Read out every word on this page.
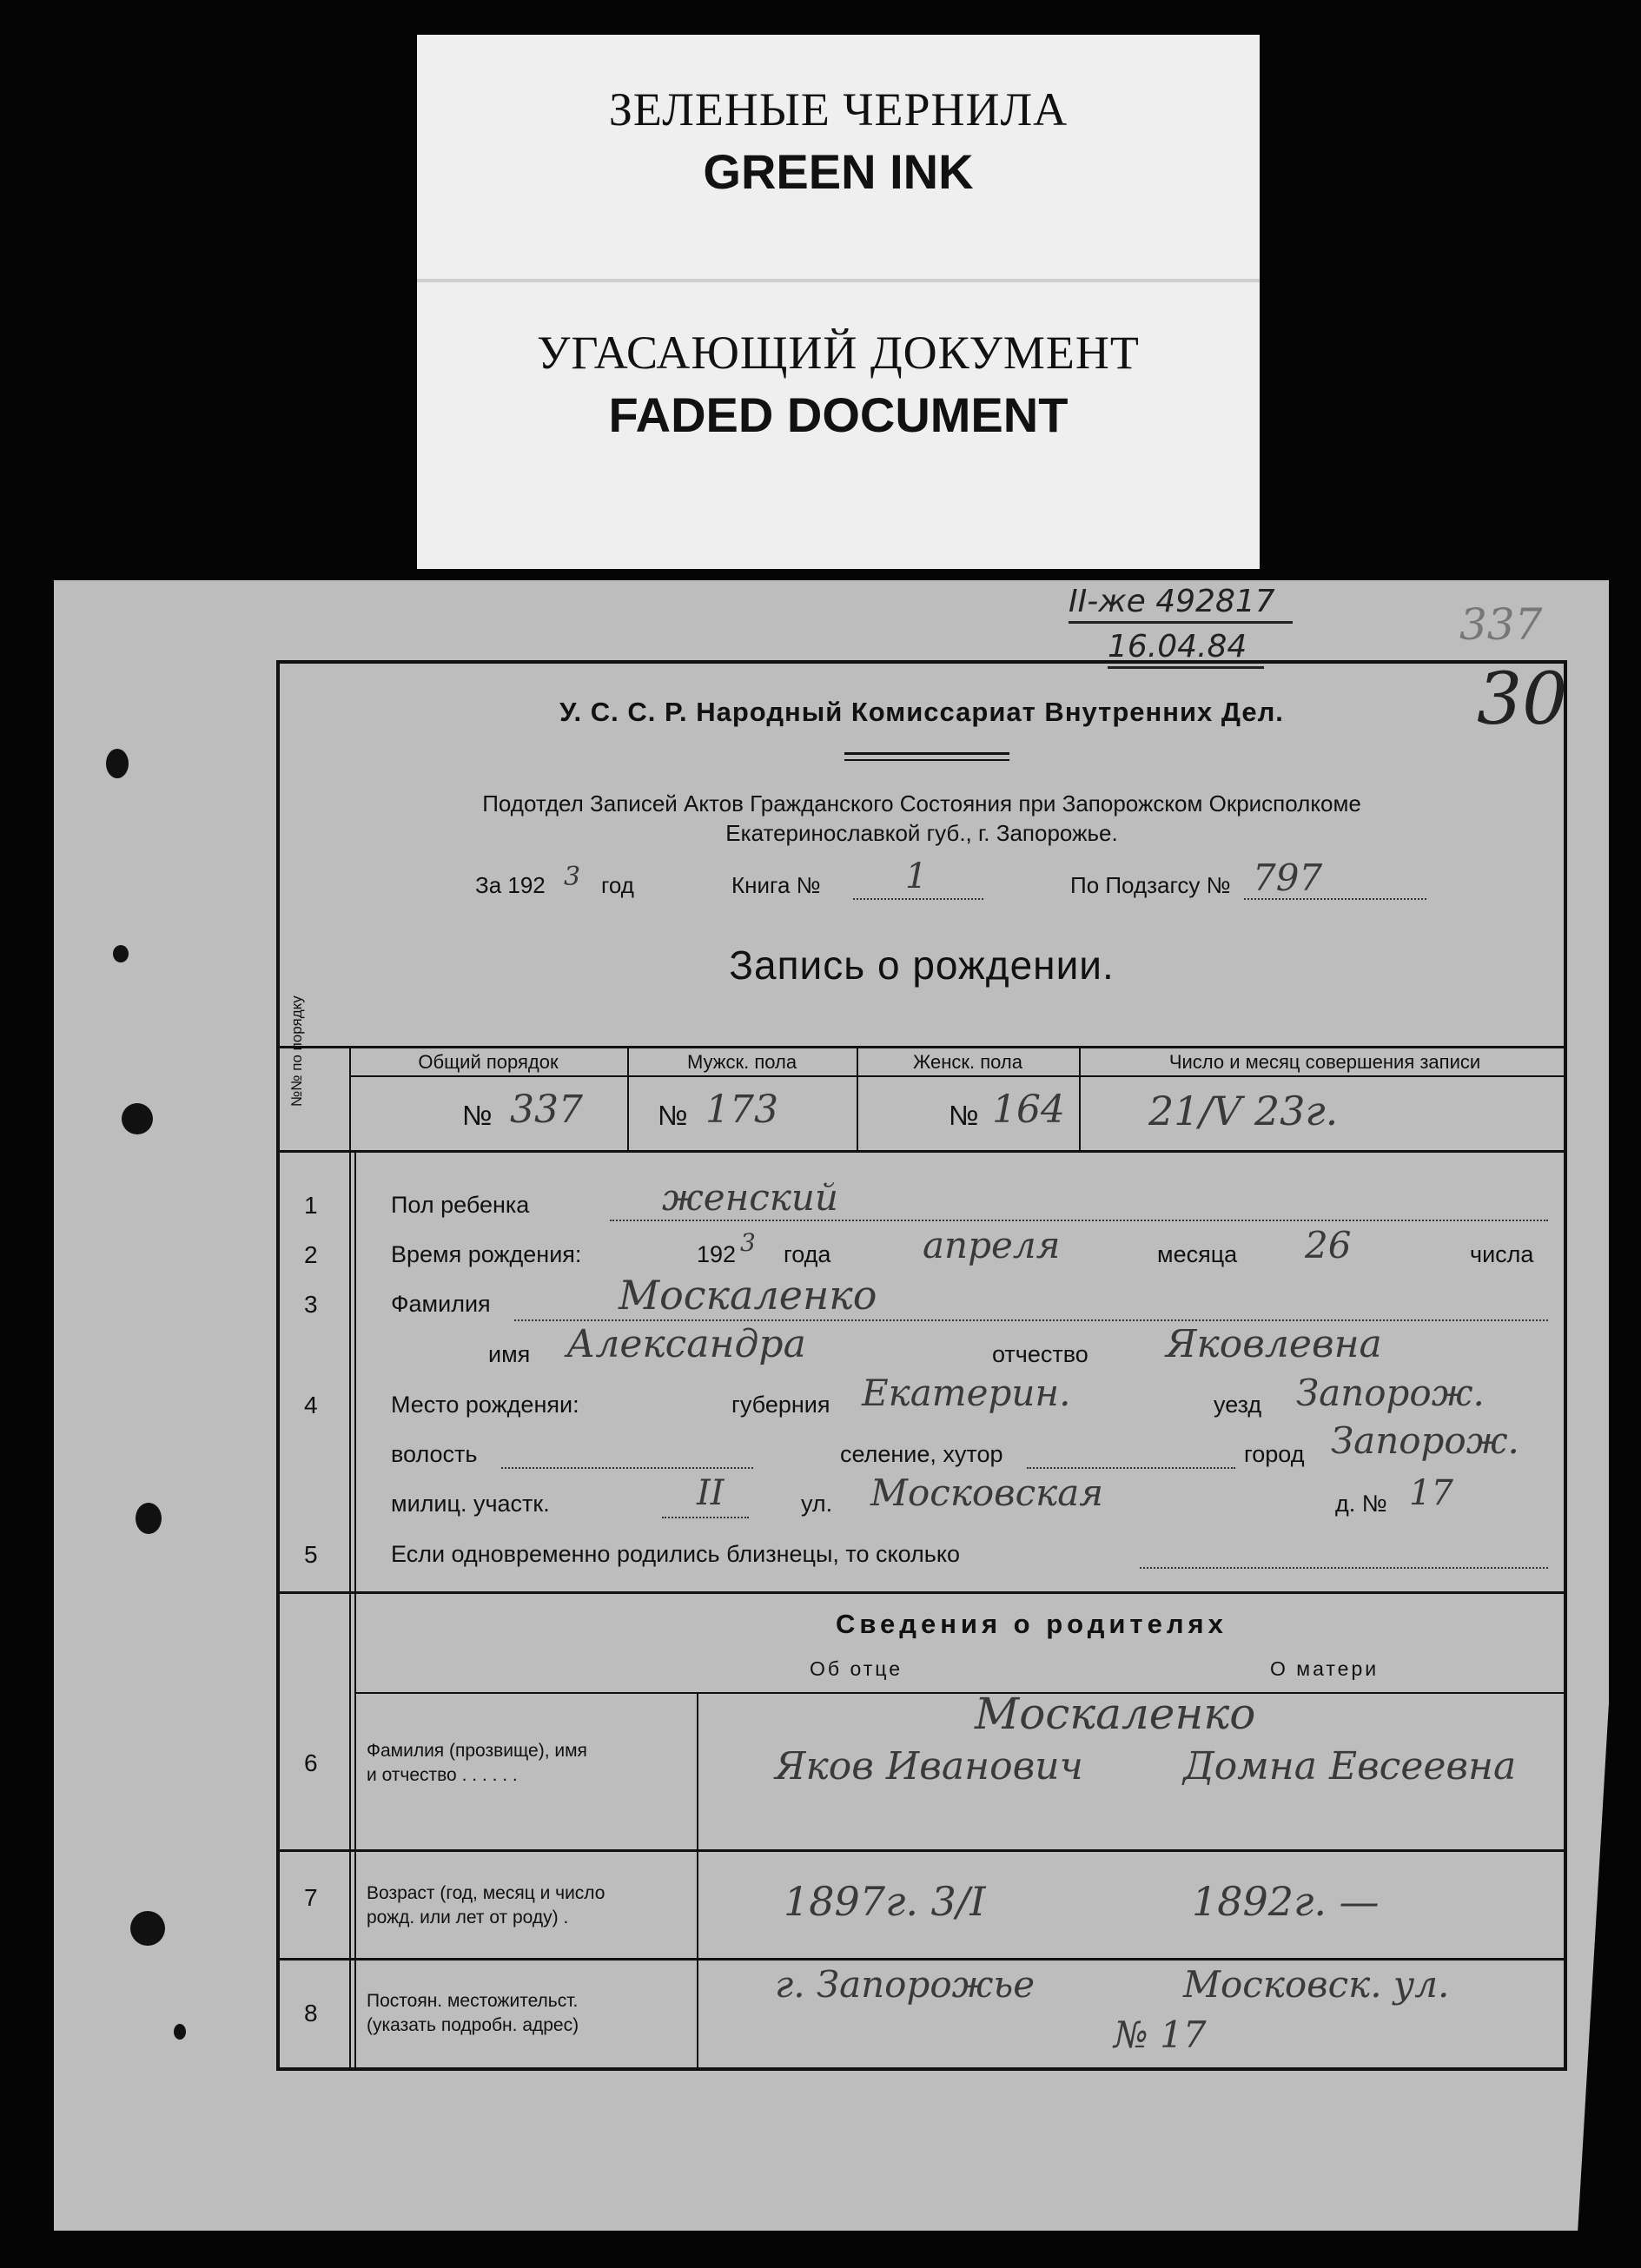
ЗЕЛЕНЫЕ ЧЕРНИЛА
GREEN INK
УГАСАЮЩИЙ ДОКУМЕНТ
FADED DOCUMENT
II-же 492817
16.04.84	337
30
У. С. С. Р. Народный Комиссариат Внутренних Дел.
Подотдел Записей Актов Гражданского Состояния при Запорожском Окрисполкоме
Екатеринославкой губ., г. Запорожье.
За 192 3 год	Книга № 1	По Подзагсу № 797
Запись о рождении.
№№ по порядку	Общий порядок	Мужск. пола	Женск. пола	Число и месяц совершения записи
№ 337	№ 173	№ 164 21/V 23г.
1	Пол ребенка	женский
2	Время рождения:	192 3 года	апреля	месяца 26	числа
3	Фамилия	Москаленко
имя Александра	отчество Яковлевна
4	Место рожденяи:	губерния Екатерин.	уезд Запорож.
волость	селение, хутор	город Запорож.
милиц. участк.	II	ул. Московская	д. № 17
5	Если одновременно родились близнецы, то сколько
Сведения о родителях
Об отце	О матери
6	Фамилия (прозвище), имя
и отчество . . . . . .
Москаленко
Яков Иванович	Домна Евсеевна
7	Возраст (год, месяц и число
рожд. или лет от роду) .	1897г. 3/I	1892г. —
8	Постоян. местожительст.
(указать подробн. адрес)
г. Запорожье	Московск. ул.
№ 17
